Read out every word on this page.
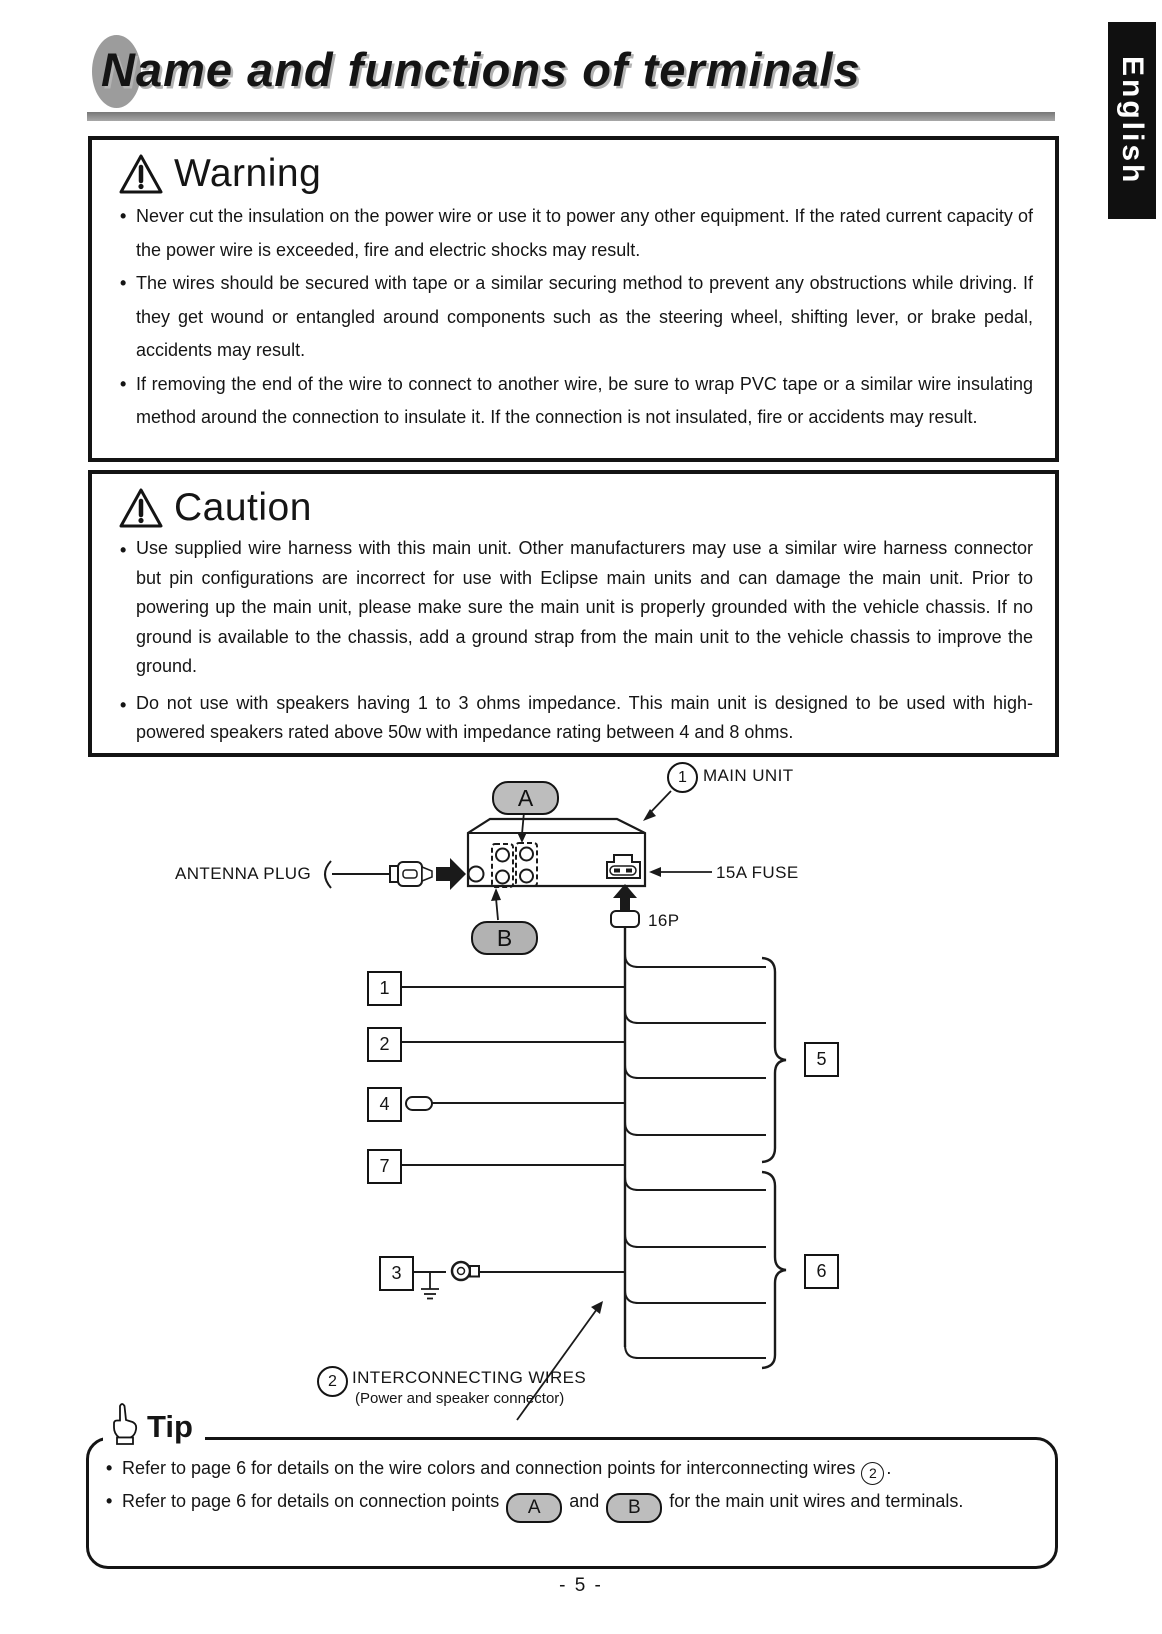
Name and functions of terminals	English
Warning
• Never cut the insulation on the power wire or use it to power any other equipment. If the rated current capacity of the power wire is exceeded, fire and electric shocks may result.

• The wires should be secured with tape or a similar securing method to prevent any obstructions while driving. If they get wound or entangled around components such as the steering wheel, shifting lever, or brake pedal, accidents may result.

• If removing the end of the wire to connect to another wire, be sure to wrap PVC tape or a similar wire insulating method around the connection to insulate it. If the connection is not insulated, fire or accidents may result.

Caution
• Use supplied wire harness with this main unit. Other manufacturers may use a similar wire harness connector but pin configurations are incorrect for use with Eclipse main units and can damage the main unit. Prior to powering up the main unit, please make sure the main unit is properly grounded with the vehicle chassis. If no ground is available to the chassis, add a ground strap from the main unit to the vehicle chassis to improve the ground.

• Do not use with speakers having 1 to 3 ohms impedance. This main unit is designed to be used with high-powered speakers rated above 50w with impedance rating between 4 and 8 ohms.

A
B
1 MAIN UNIT
ANTENNA PLUG	15A FUSE
16P
1
2
4
7
3
5
6
2 INTERCONNECTING WIRES
(Power and speaker connector)
Tip
• Refer to page 6 for details on the wire colors and connection points for interconnecting wires 2 .

• Refer to page 6 for details on connection points A and B for the main unit wires and terminals.

- 5 -
